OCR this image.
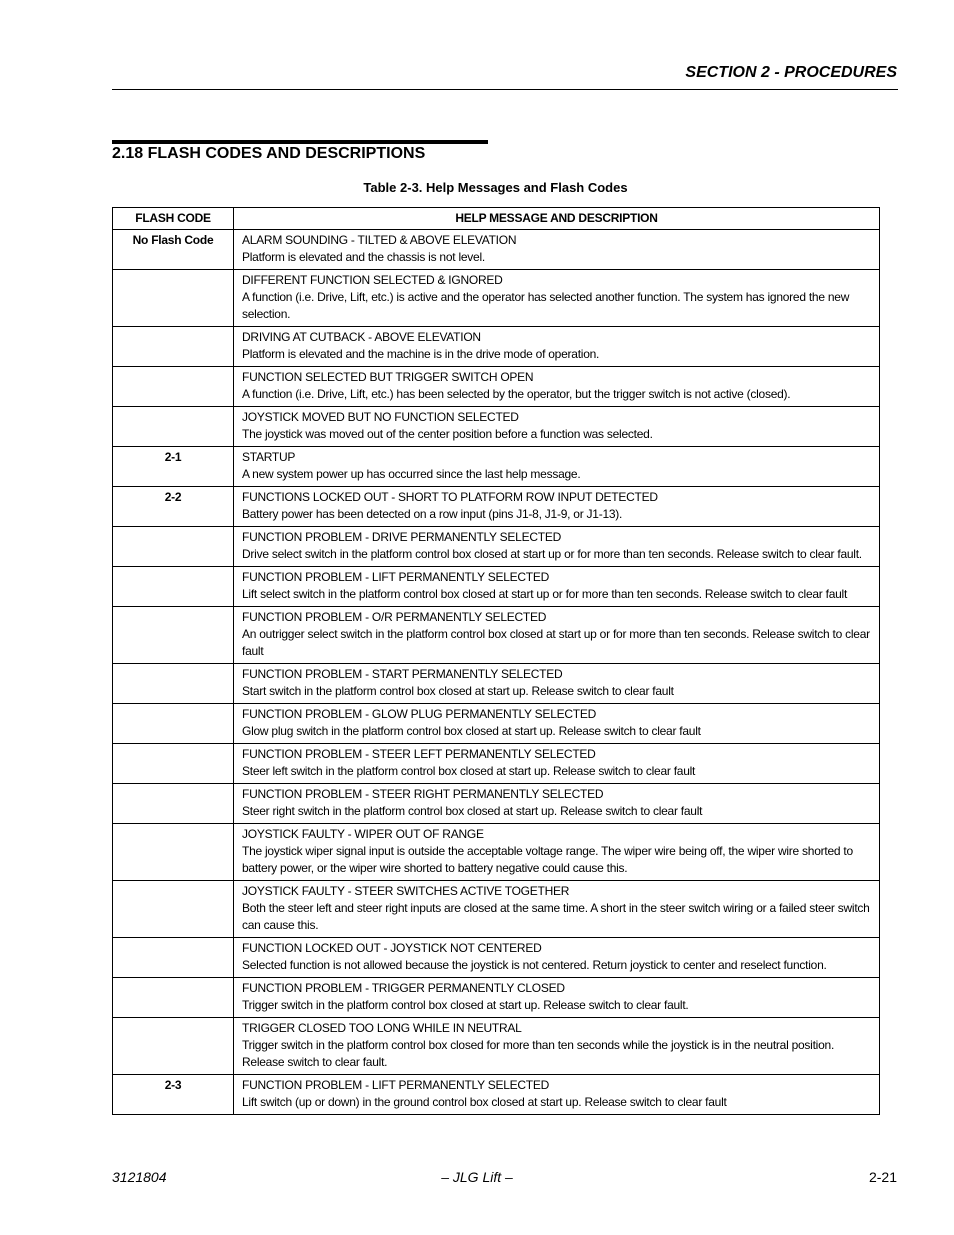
SECTION 2 - PROCEDURES
2.18 FLASH CODES AND DESCRIPTIONS
Table 2-3. Help Messages and Flash Codes
FLASH CODE	HELP MESSAGE AND DESCRIPTION
No Flash Code	ALARM SOUNDING - TILTED & ABOVE ELEVATION
Platform is elevated and the chassis is not level.

	DIFFERENT FUNCTION SELECTED & IGNORED
A function (i.e. Drive, Lift, etc.) is active and the operator has selected another function. The system has ignored the new selection.

	DRIVING AT CUTBACK - ABOVE ELEVATION
Platform is elevated and the machine is in the drive mode of operation.

	FUNCTION SELECTED BUT TRIGGER SWITCH OPEN
A function (i.e. Drive, Lift, etc.) has been selected by the operator, but the trigger switch is not active (closed).

	JOYSTICK MOVED BUT NO FUNCTION SELECTED
The joystick was moved out of the center position before a function was selected.

2-1	STARTUP
A new system power up has occurred since the last help message.

2-2	FUNCTIONS LOCKED OUT - SHORT TO PLATFORM ROW INPUT DETECTED
Battery power has been detected on a row input (pins J1-8, J1-9, or J1-13).

	FUNCTION PROBLEM - DRIVE PERMANENTLY SELECTED
Drive select switch in the platform control box closed at start up or for more than ten seconds. Release switch to clear fault.

	FUNCTION PROBLEM - LIFT PERMANENTLY SELECTED
Lift select switch in the platform control box closed at start up or for more than ten seconds. Release switch to clear fault

	FUNCTION PROBLEM - O/R PERMANENTLY SELECTED
An outrigger select switch in the platform control box closed at start up or for more than ten seconds. Release switch to clear fault

	FUNCTION PROBLEM - START PERMANENTLY SELECTED
Start switch in the platform control box closed at start up. Release switch to clear fault

	FUNCTION PROBLEM - GLOW PLUG PERMANENTLY SELECTED
Glow plug switch in the platform control box closed at start up. Release switch to clear fault

	FUNCTION PROBLEM - STEER LEFT PERMANENTLY SELECTED
Steer left switch in the platform control box closed at start up. Release switch to clear fault

	FUNCTION PROBLEM - STEER RIGHT PERMANENTLY SELECTED
Steer right switch in the platform control box closed at start up. Release switch to clear fault

	JOYSTICK FAULTY - WIPER OUT OF RANGE
The joystick wiper signal input is outside the acceptable voltage range. The wiper wire being off, the wiper wire shorted to battery power, or the wiper wire shorted to battery negative could cause this.

	JOYSTICK FAULTY - STEER SWITCHES ACTIVE TOGETHER
Both the steer left and steer right inputs are closed at the same time. A short in the steer switch wiring or a failed steer switch can cause this.

	FUNCTION LOCKED OUT - JOYSTICK NOT CENTERED
Selected function is not allowed because the joystick is not centered. Return joystick to center and reselect function.

	FUNCTION PROBLEM - TRIGGER PERMANENTLY CLOSED
Trigger switch in the platform control box closed at start up. Release switch to clear fault.

	TRIGGER CLOSED TOO LONG WHILE IN NEUTRAL
Trigger switch in the platform control box closed for more than ten seconds while the joystick is in the neutral position. Release switch to clear fault.

2-3	FUNCTION PROBLEM - LIFT PERMANENTLY SELECTED
Lift switch (up or down) in the ground control box closed at start up. Release switch to clear fault
3121804	– JLG Lift –	2-21
